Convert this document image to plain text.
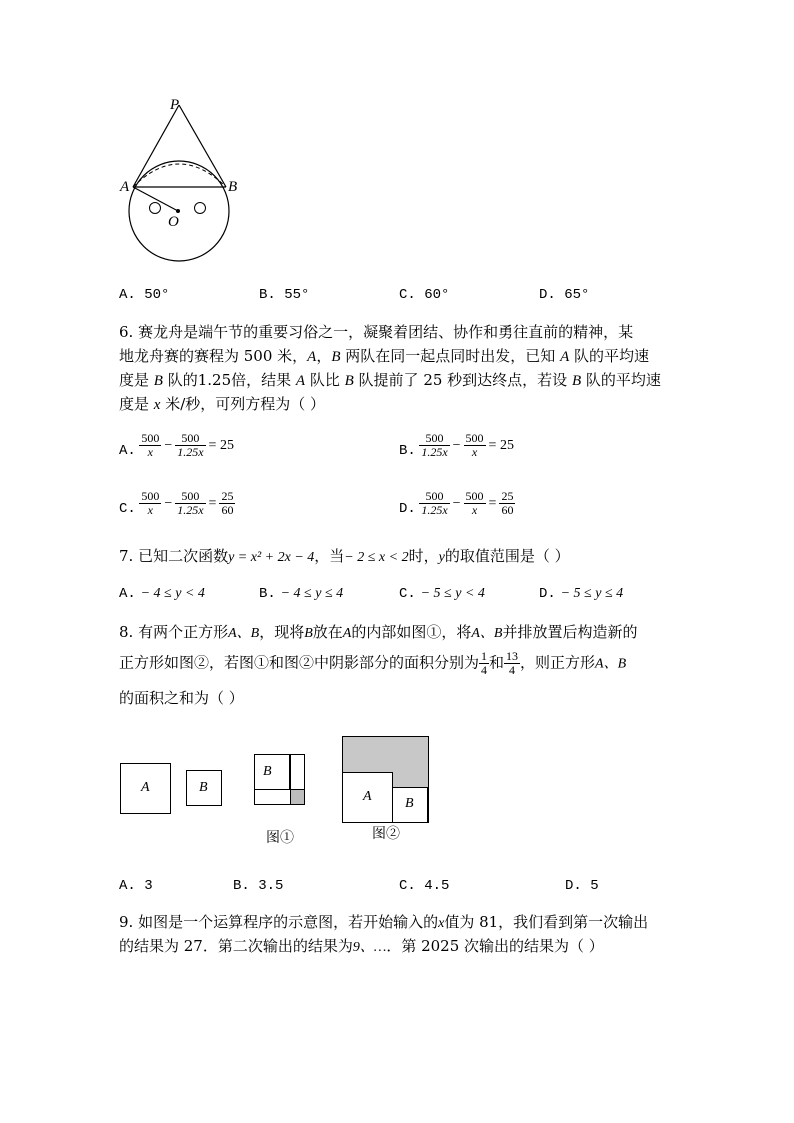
P
A	B
O
A. 50°	B. 55°	C. 60°	D. 65°
6. 赛龙舟是端午节的重要习俗之一，凝聚着团结、协作和勇往直前的精神，某
地龙舟赛的赛程为 500 米，A，B 两队在同一起点同时出发，已知 A 队的平均速
度是 B 队的1.25倍，结果 A 队比 B 队提前了 25 秒到达终点，若设 B 队的平均速
度是 x 米/秒，可列方程为（ ）
A. $\frac{500}{x} - \frac{500}{1.25x} = 25$	B. $\frac{500}{1.25x} - \frac{500}{x} = 25$
C. $\frac{500}{x} - \frac{500}{1.25x} = \frac{25}{60}$	D. $\frac{500}{1.25x} - \frac{500}{x} = \frac{25}{60}$
7. 已知二次函数y = x² + 2x − 4，当− 2 ≤ x < 2时，y的取值范围是（ ）
A. − 4 ≤ y < 4	B. − 4 ≤ y ≤ 4	C. − 5 ≤ y < 4	D. − 5 ≤ y ≤ 4
8. 有两个正方形A、B，现将B放在A的内部如图①，将A、B并排放置后构造新的
正方形如图②，若图①和图②中阴影部分的面积分别为 $\frac{1}{4}$ 和 $\frac{13}{4}$ ，则正方形A、B
的面积之和为（ ）
A	B
B
图①
A B
图②
A. 3	B. 3.5	C. 4.5	D. 5
9. 如图是一个运算程序的示意图，若开始输入的x值为 81，我们看到第一次输出
的结果为 27．第二次输出的结果为9、…．第 2025 次输出的结果为（ ）
